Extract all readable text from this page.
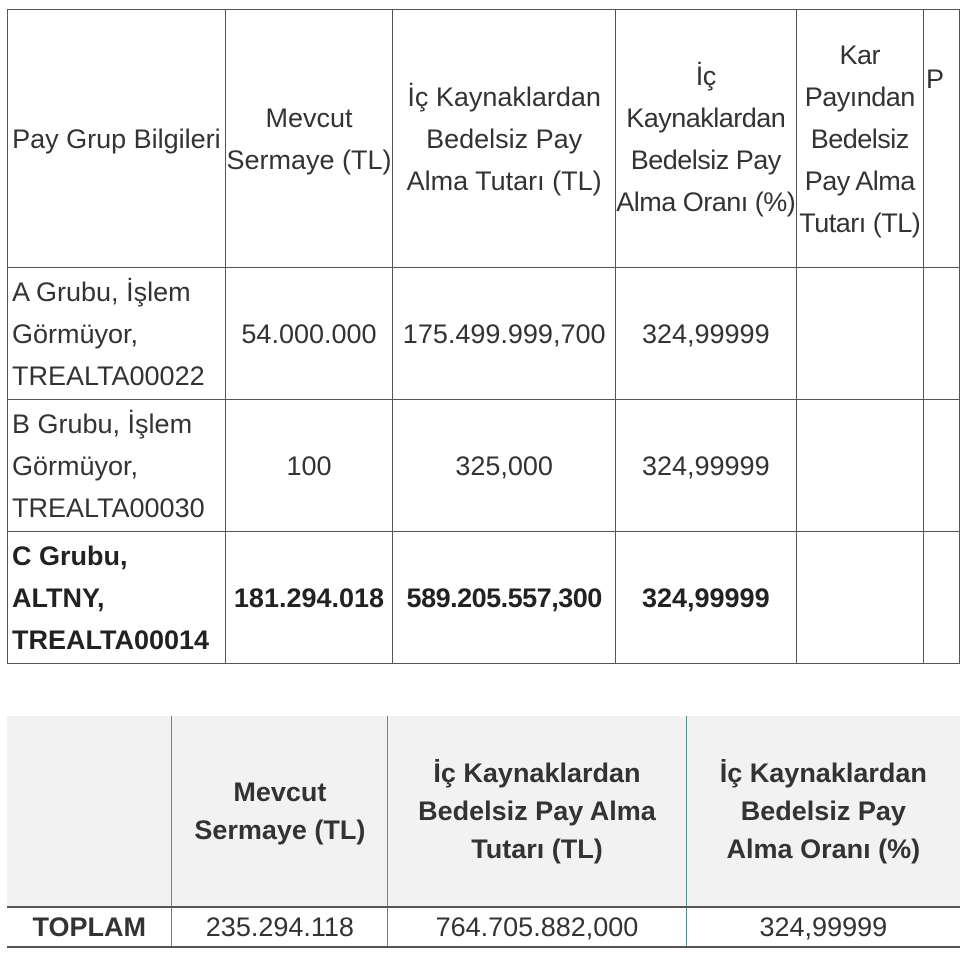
Pay Grup Bilgileri	Mevcut Sermaye (TL)	İç Kaynaklardan Bedelsiz Pay Alma Tutarı (TL)	İç Kaynaklardan Bedelsiz Pay Alma Oranı (%)	Kar Payından Bedelsiz Pay Alma Tutarı (TL)	P
A Grubu, İşlem Görmüyor, TREALTA00022	54.000.000	175.499.999,700	324,99999		
B Grubu, İşlem Görmüyor, TREALTA00030	100	325,000	324,99999		
C Grubu, ALTNY, TREALTA00014	181.294.018	589.205.557,300	324,99999		
	Mevcut Sermaye (TL)	İç Kaynaklardan Bedelsiz Pay Alma Tutarı (TL)	İç Kaynaklardan Bedelsiz Pay Alma Oranı (%)
TOPLAM	235.294.118	764.705.882,000	324,99999
